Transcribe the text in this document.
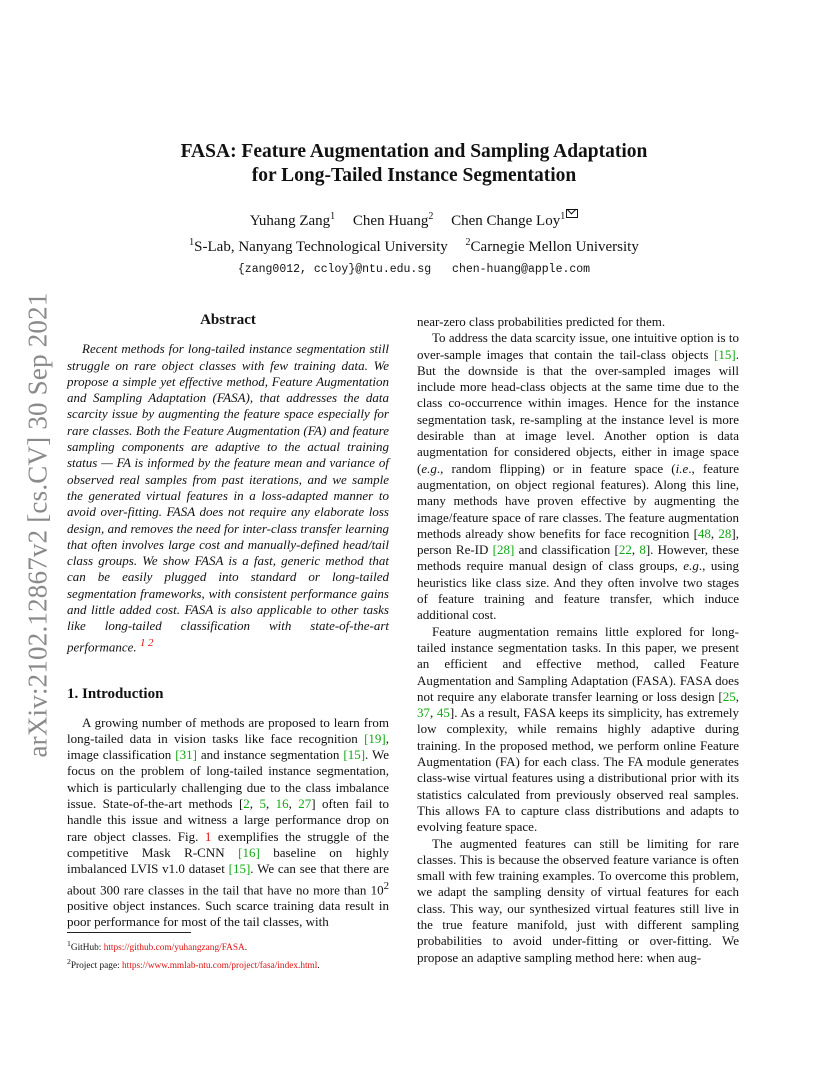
arXiv:2102.12867v2 [cs.CV] 30 Sep 2021
FASA: Feature Augmentation and Sampling Adaptation
for Long-Tailed Instance Segmentation
Yuhang Zang$^1$ Chen Huang$^2$ Chen Change Loy$^1$
$^1$S-Lab, Nanyang Technological University $^2$Carnegie Mellon University
{zang0012, ccloy}@ntu.edu.sg chen-huang@apple.com
Abstract

Recent methods for long-tailed instance segmentation still struggle on rare object classes with few training data. We propose a simple yet effective method, Feature Augmentation and Sampling Adaptation (FASA), that addresses the data scarcity issue by augmenting the feature space especially for rare classes. Both the Feature Augmentation (FA) and feature sampling components are adaptive to the actual training status — FA is informed by the feature mean and variance of observed real samples from past iterations, and we sample the generated virtual features in a loss-adapted manner to avoid over-fitting. FASA does not require any elaborate loss design, and removes the need for inter-class transfer learning that often involves large cost and manually-defined head/tail class groups. We show FASA is a fast, generic method that can be easily plugged into standard or long-tailed segmentation frameworks, with consistent performance gains and little added cost. FASA is also applicable to other tasks like long-tailed classification with state-of-the-art performance. $^{1 2}$

1. Introduction

A growing number of methods are proposed to learn from long-tailed data in vision tasks like face recognition [19], image classification [31] and instance segmentation [15]. We focus on the problem of long-tailed instance segmentation, which is particularly challenging due to the class imbalance issue. State-of-the-art methods [2, 5, 16, 27] often fail to handle this issue and witness a large performance drop on rare object classes. Fig. 1 exemplifies the struggle of the competitive Mask R-CNN [16] baseline on highly imbalanced LVIS v1.0 dataset [15]. We can see that there are about 300 rare classes in the tail that have no more than $10^2$ positive object instances. Such scarce training data result in poor performance for most of the tail classes, with

near-zero class probabilities predicted for them.

To address the data scarcity issue, one intuitive option is to over-sample images that contain the tail-class objects [15]. But the downside is that the over-sampled images will include more head-class objects at the same time due to the class co-occurrence within images. Hence for the instance segmentation task, re-sampling at the instance level is more desirable than at image level. Another option is data augmentation for considered objects, either in image space (e.g., random flipping) or in feature space (i.e., feature augmentation, on object regional features). Along this line, many methods have proven effective by augmenting the image/feature space of rare classes. The feature augmentation methods already show benefits for face recognition [48, 28], person Re-ID [28] and classification [22, 8]. However, these methods require manual design of class groups, e.g., using heuristics like class size. And they often involve two stages of feature training and feature transfer, which induce additional cost.

Feature augmentation remains little explored for long-tailed instance segmentation tasks. In this paper, we present an efficient and effective method, called Feature Augmentation and Sampling Adaptation (FASA). FASA does not require any elaborate transfer learning or loss design [25, 37, 45]. As a result, FASA keeps its simplicity, has extremely low complexity, while remains highly adaptive during training. In the proposed method, we perform online Feature Augmentation (FA) for each class. The FA module generates class-wise virtual features using a distributional prior with its statistics calculated from previously observed real samples. This allows FA to capture class distributions and adapts to evolving feature space.

The augmented features can still be limiting for rare classes. This is because the observed feature variance is often small with few training examples. To overcome this problem, we adapt the sampling density of virtual features for each class. This way, our synthesized virtual features still live in the true feature manifold, just with different sampling probabilities to avoid under-fitting or over-fitting. We propose an adaptive sampling method here: when aug-

$^1$GitHub: https://github.com/yuhangzang/FASA.
$^2$Project page: https://www.mmlab-ntu.com/project/fasa/index.html.
